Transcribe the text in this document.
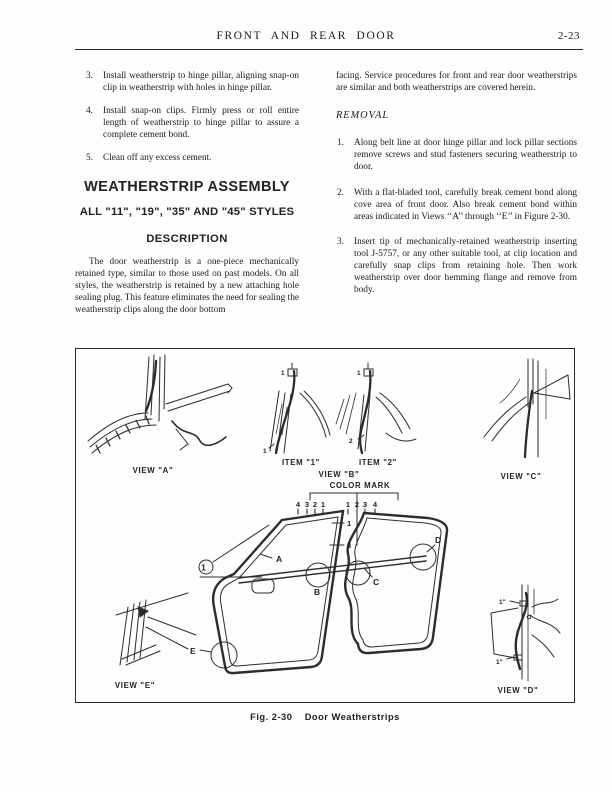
FRONT AND REAR DOOR	2-23
3.	Install weatherstrip to hinge pillar, aligning snap-on clip in weatherstrip with holes in hinge pillar.
4.	Install snap-on clips. Firmly press or roll entire length of weatherstrip to hinge pillar to assure a complete cement bond.
5.	Clean off any excess cement.
WEATHERSTRIP ASSEMBLY
ALL "11", "19", "35" AND "45" STYLES
DESCRIPTION
The door weatherstrip is a one-piece mechanically retained type, similar to those used on past models. On all styles, the weatherstrip is retained by a new attaching hole sealing plug. This feature eliminates the need for sealing the weatherstrip clips along the door bottom
facing. Service procedures for front and rear door weatherstrips are similar and both weatherstrips are covered herein.
REMOVAL
1.	Along belt line at door hinge pillar and lock pillar sections remove screws and stud fasteners securing weatherstrip to door.
2.	With a flat-bladed tool, carefully break cement bond along cove area of front door. Also break cement bond within areas indicated in Views ‘‘A’’ through ‘‘E’’ in Figure 2-30.
3.	Insert tip of mechanically-retained weatherstrip inserting tool J-5757, or any other suitable tool, at clip location and carefully snap clips from retaining hole. Then work weatherstrip over door hemming flange and remove from body.
VIEW "A"
ITEM "1"	ITEM "2"
VIEW "B"	VIEW "C"
COLOR MARK
VIEW "E"
VIEW "D"
4 3 2 1	1 2 3 4
A
B
C
D
E
1
1
3
1
1
1
2
1"
1"
Fig. 2-30    Door Weatherstrips
